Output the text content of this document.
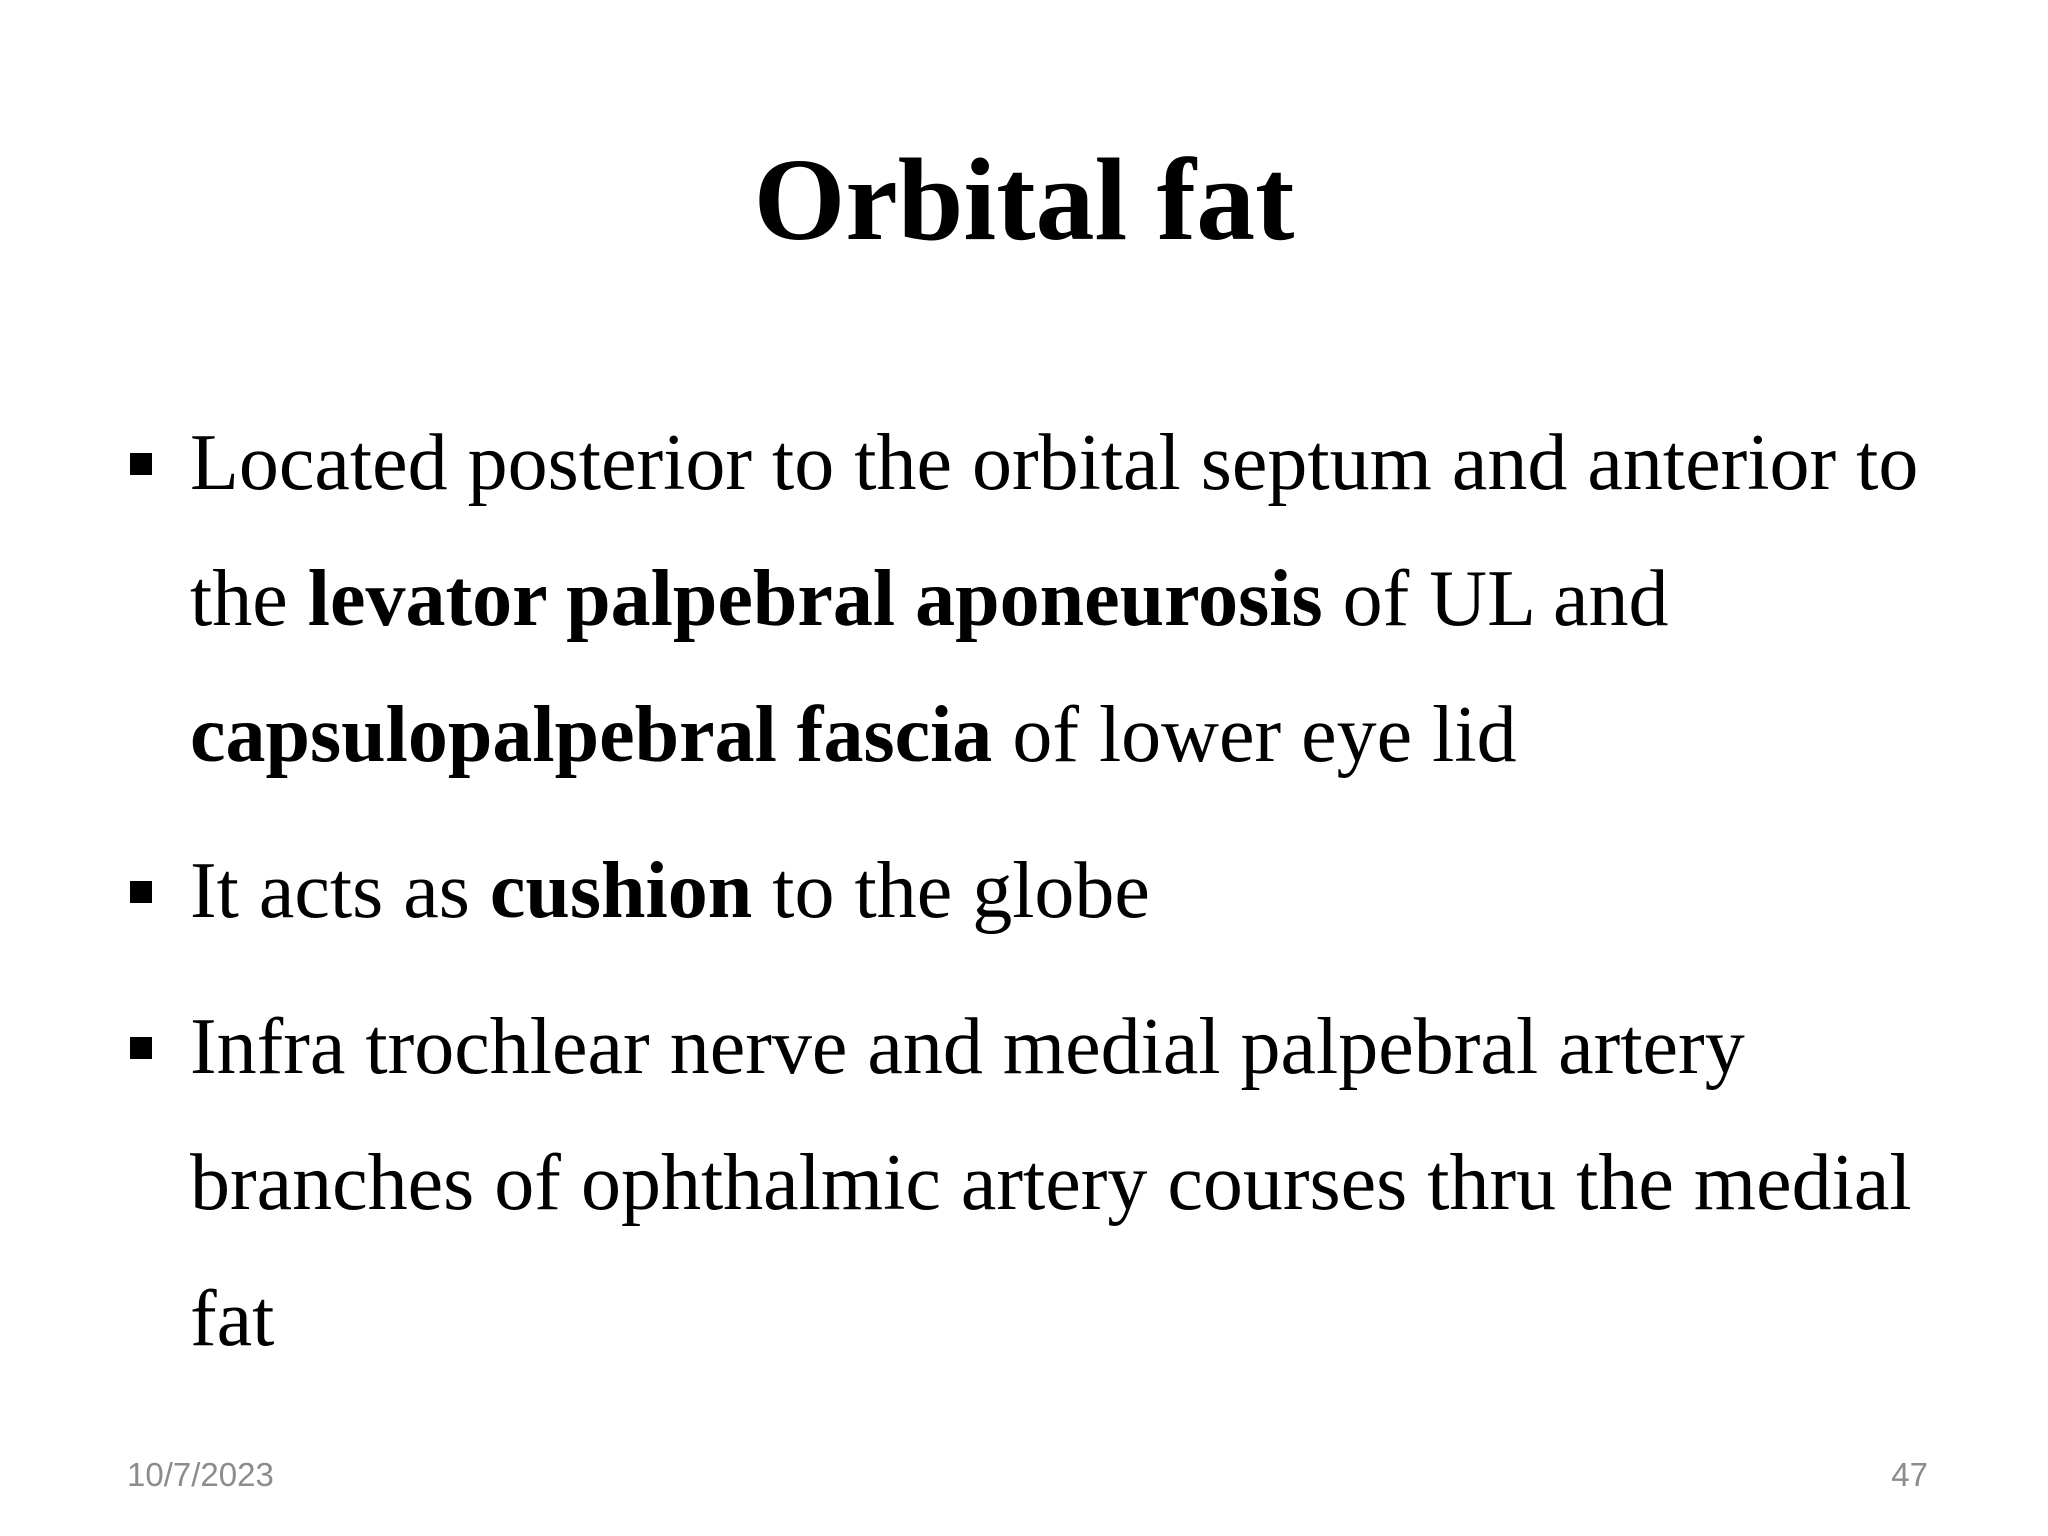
Orbital fat
Located posterior to the orbital septum and anterior to the levator palpebral aponeurosis of UL and capsulopalpebral fascia of lower eye lid
It acts as cushion to the globe
Infra trochlear nerve and medial palpebral artery branches of ophthalmic artery courses thru the medial fat
10/7/2023	47
